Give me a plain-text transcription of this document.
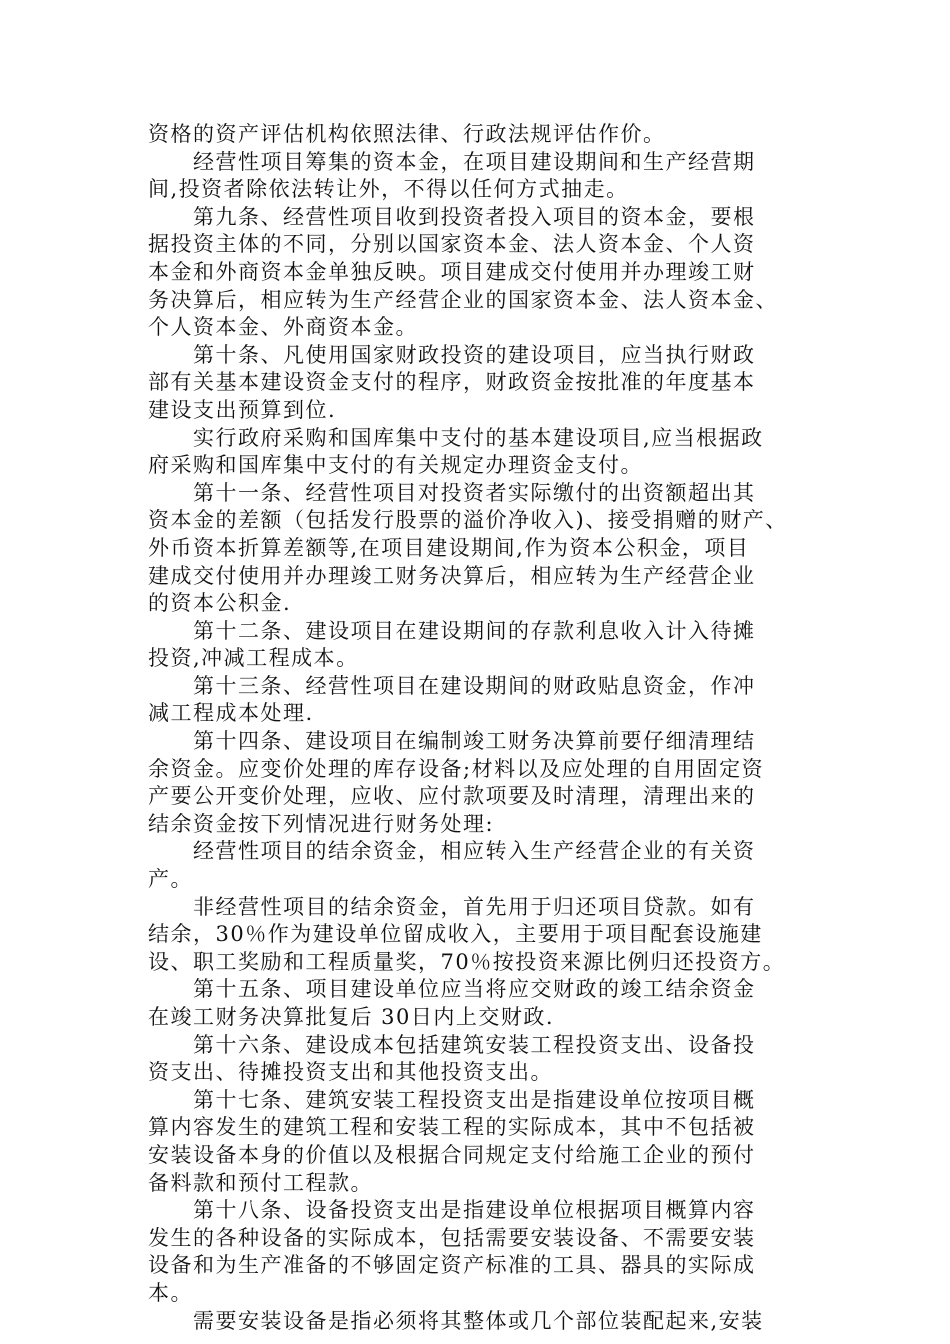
资格的资产评估机构依照法律、行政法规评估作价。
经营性项目筹集的资本金，在项目建设期间和生产经营期
间,投资者除依法转让外，不得以任何方式抽走。
第九条、经营性项目收到投资者投入项目的资本金，要根
据投资主体的不同，分别以国家资本金、法人资本金、个人资
本金和外商资本金单独反映。项目建成交付使用并办理竣工财
务决算后，相应转为生产经营企业的国家资本金、法人资本金、
个人资本金、外商资本金。
第十条、凡使用国家财政投资的建设项目，应当执行财政
部有关基本建设资金支付的程序，财政资金按批准的年度基本
建设支出预算到位.
实行政府采购和国库集中支付的基本建设项目,应当根据政
府采购和国库集中支付的有关规定办理资金支付。
第十一条、经营性项目对投资者实际缴付的出资额超出其
资本金的差额（包括发行股票的溢价净收入)、接受捐赠的财产、
外币资本折算差额等,在项目建设期间,作为资本公积金，项目
建成交付使用并办理竣工财务决算后，相应转为生产经营企业
的资本公积金.
第十二条、建设项目在建设期间的存款利息收入计入待摊
投资,冲减工程成本。
第十三条、经营性项目在建设期间的财政贴息资金，作冲
减工程成本处理.
第十四条、建设项目在编制竣工财务决算前要仔细清理结
余资金。应变价处理的库存设备;材料以及应处理的自用固定资
产要公开变价处理，应收、应付款项要及时清理，清理出来的
结余资金按下列情况进行财务处理:
经营性项目的结余资金，相应转入生产经营企业的有关资
产。
非经营性项目的结余资金，首先用于归还项目贷款。如有
结余，30％作为建设单位留成收入，主要用于项目配套设施建
设、职工奖励和工程质量奖，70％按投资来源比例归还投资方。
第十五条、项目建设单位应当将应交财政的竣工结余资金
在竣工财务决算批复后 30日内上交财政.
第十六条、建设成本包括建筑安装工程投资支出、设备投
资支出、待摊投资支出和其他投资支出。
第十七条、建筑安装工程投资支出是指建设单位按项目概
算内容发生的建筑工程和安装工程的实际成本，其中不包括被
安装设备本身的价值以及根据合同规定支付给施工企业的预付
备料款和预付工程款。
第十八条、设备投资支出是指建设单位根据项目概算内容
发生的各种设备的实际成本，包括需要安装设备、不需要安装
设备和为生产准备的不够固定资产标准的工具、器具的实际成
本。
需要安装设备是指必须将其整体或几个部位装配起来,安装
